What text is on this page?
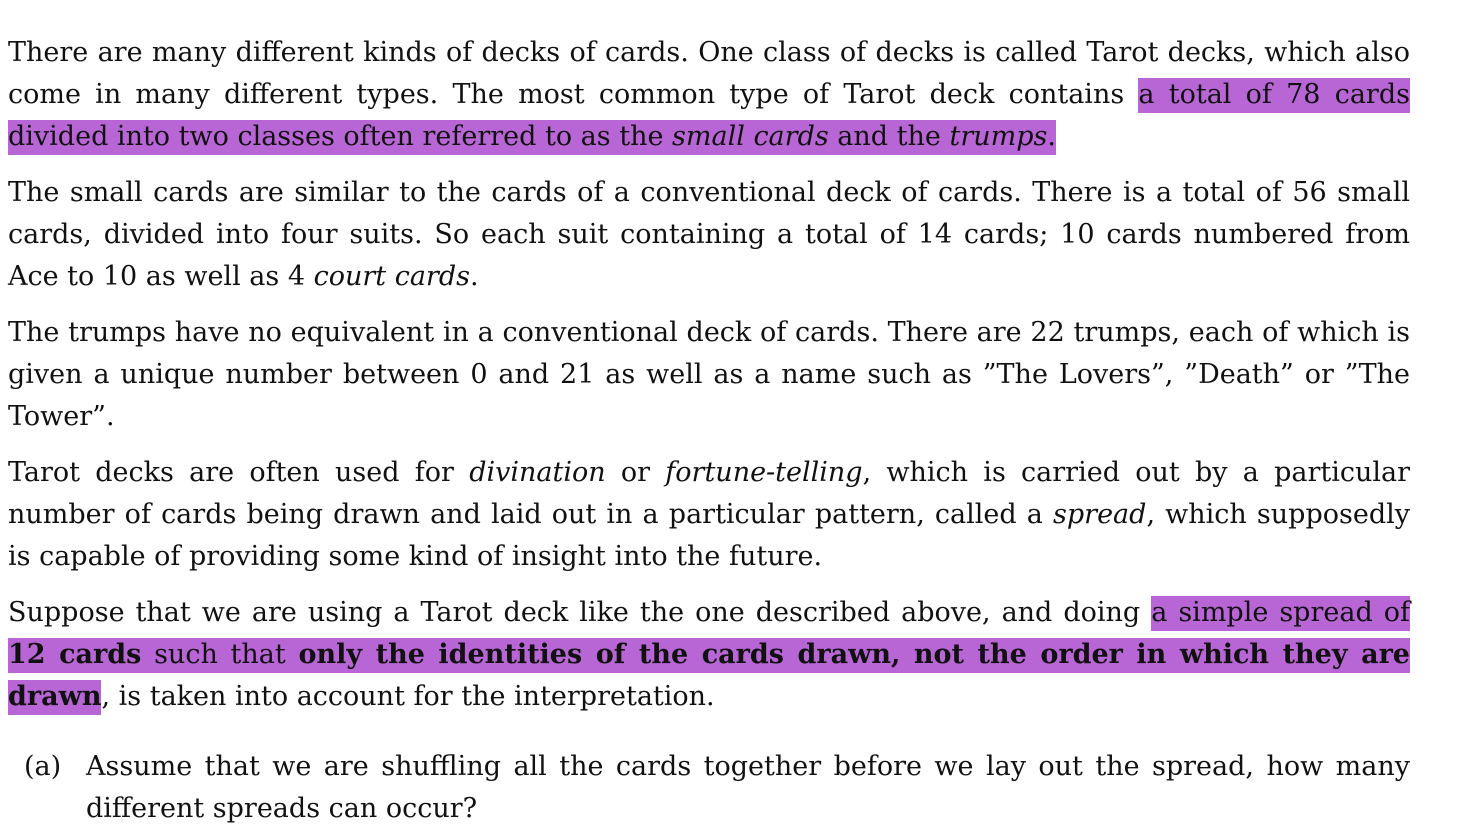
There are many different kinds of decks of cards. One class of decks is called Tarot decks, which also come in many different types. The most common type of Tarot deck contains a total of 78 cards divided into two classes often referred to as the small cards and the trumps.

The small cards are similar to the cards of a conventional deck of cards. There is a total of 56 small cards, divided into four suits. So each suit containing a total of 14 cards; 10 cards numbered from Ace to 10 as well as 4 court cards.

The trumps have no equivalent in a conventional deck of cards. There are 22 trumps, each of which is given a unique number between 0 and 21 as well as a name such as ”The Lovers”, ”Death” or ”The Tower”.

Tarot decks are often used for divination or fortune-telling, which is carried out by a particular number of cards being drawn and laid out in a particular pattern, called a spread, which supposedly is capable of providing some kind of insight into the future.

Suppose that we are using a Tarot deck like the one described above, and doing a simple spread of 12 cards such that only the identities of the cards drawn, not the order in which they are drawn, is taken into account for the interpretation.

(a) Assume that we are shuffling all the cards together before we lay out the spread, how many different spreads can occur?
